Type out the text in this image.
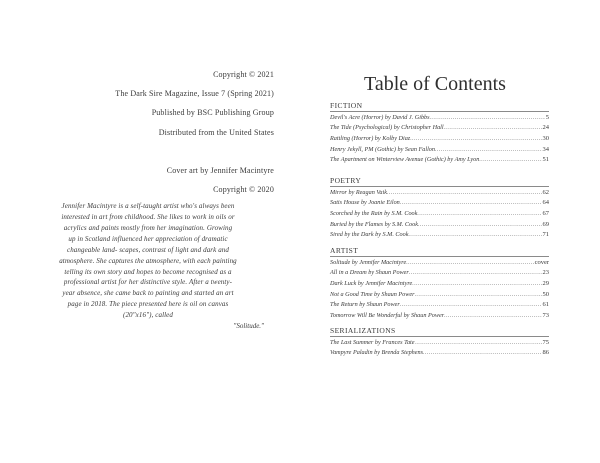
Copyright © 2021
The Dark Sire Magazine, Issue 7 (Spring 2021)
Published by BSC Publishing Group
Distributed from the United States
Cover art by Jennifer Macintyre
Copyright © 2020
Jennifer Macintyre is a self-taught artist who's always been
interested in art from childhood. She likes to work in oils or
acrylics and paints mostly from her imagination. Growing
up in Scotland influenced her appreciation of dramatic
changeable land- scapes, contrast of light and dark and
atmosphere. She captures the atmosphere, with each painting
telling its own story and hopes to become recognised as a
professional artist for her distinctive style. After a twenty-
year absence, she came back to painting and started an art
page in 2018. The piece presented here is oil on canvas
(20"x16"), called
"Solitude."
Table of Contents
FICTION
Devil's Acre (Horror) by David J. Gibbs .....	5
The Tide (Psychological) by Christopher Hall .....	24
Rattling (Horror) by Kolby Diaz .....	30
Henry Jekyll, PM (Gothic) by Sean Fallon .....	34
The Apartment on Winterview Avenue (Gothic) by Amy Lyon .....	51
POETRY
Mirror by Reagan Vaik .....	62
Satis House by Joanie Eilon .....	64
Scorched by the Rain by S.M. Cook .....	67
Buried by the Flames by S.M. Cook .....	69
Sired by the Dark by S.M. Cook .....	71
ARTIST
Solitude by Jennifer Macintyre .....	cover
All in a Dream by Shaun Power .....	23
Dark Luck by Jennifer Macintyre .....	29
Not a Good Time by Shaun Power .....	50
The Return by Shaun Power .....	61
Tomorrow Will Be Wonderful by Shaun Power .....	73
SERIALIZATIONS
The Last Summer by Frances Tate .....	75
Vampyre Paladin by Brenda Stephens .....	86
